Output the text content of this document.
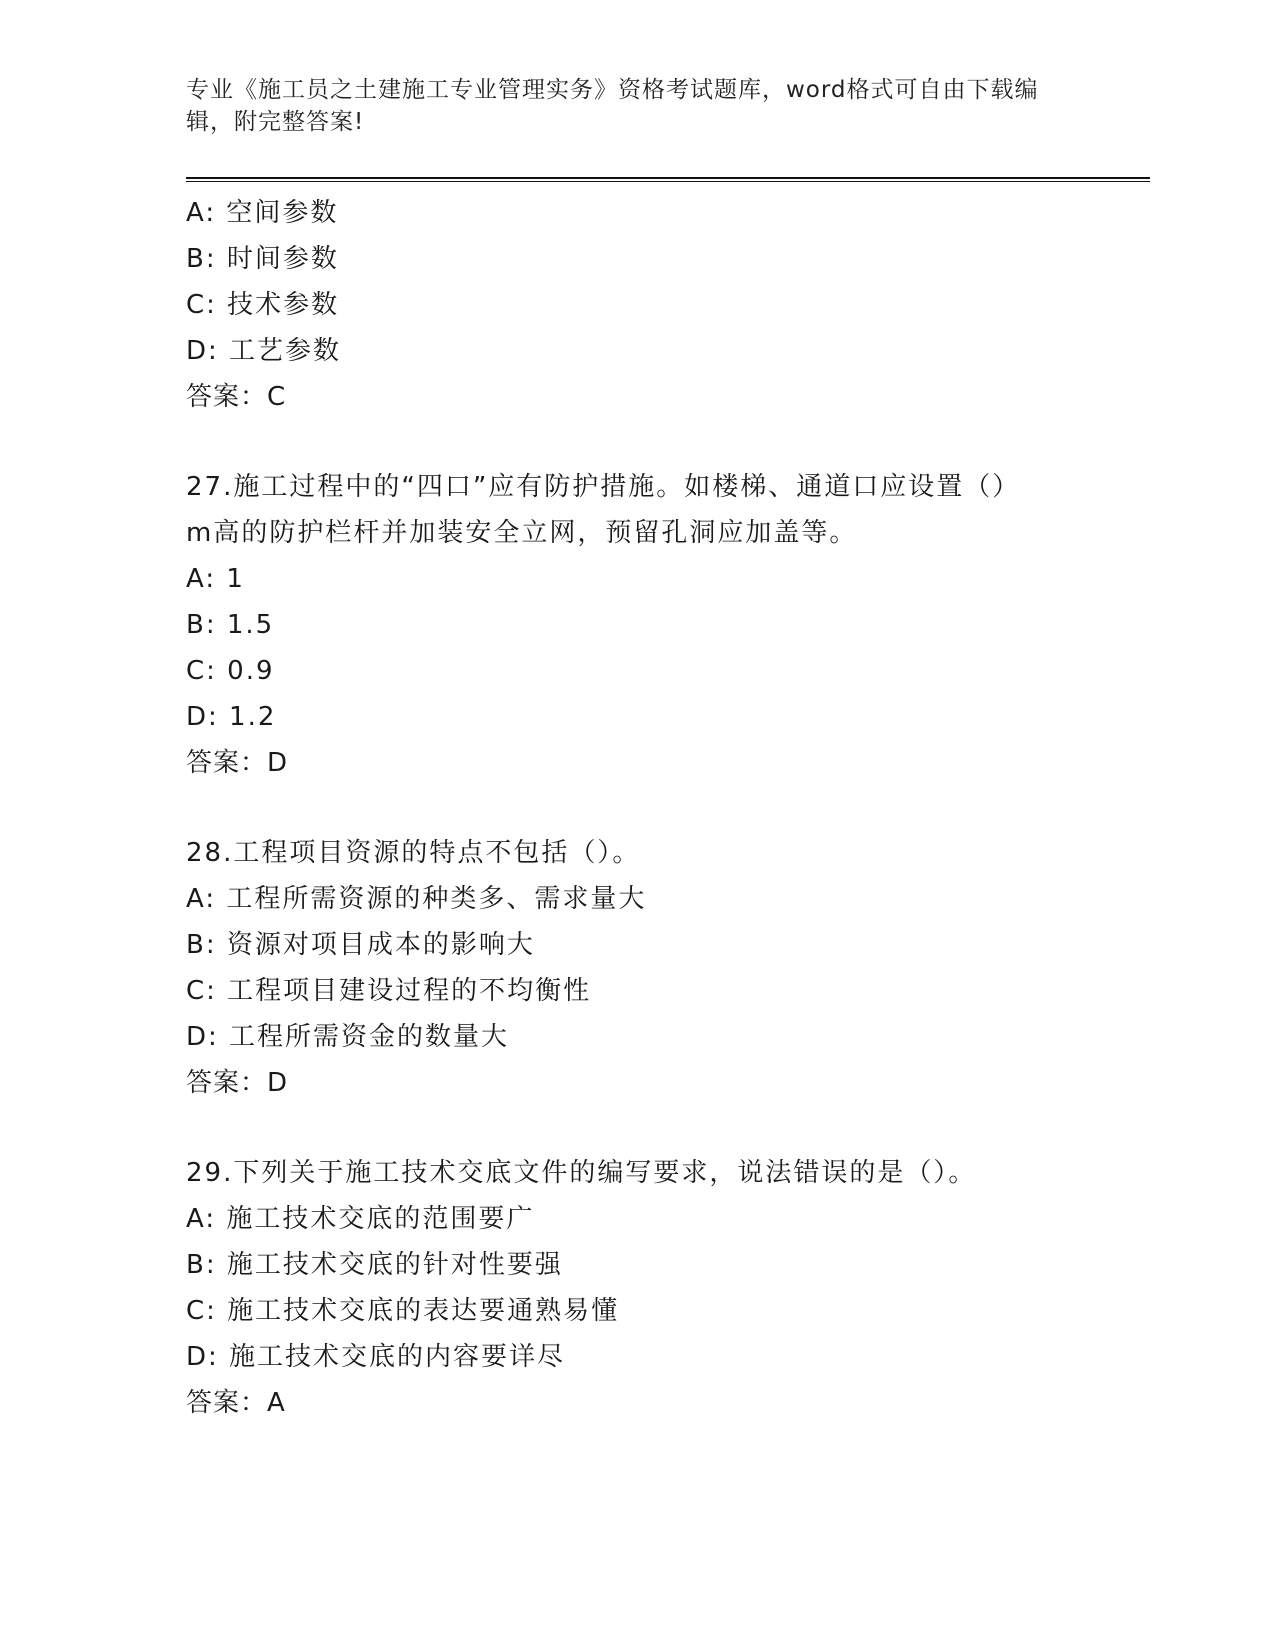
专业《施工员之土建施工专业管理实务》资格考试题库，word格式可自由下载编
辑，附完整答案!
A: 空间参数
B: 时间参数
C: 技术参数
D: 工艺参数
答案：C
27.施工过程中的“四口”应有防护措施。如楼梯、通道口应设置（）
m高的防护栏杆并加装安全立网，预留孔洞应加盖等。
A: 1
B: 1.5
C: 0.9
D: 1.2
答案：D
28.工程项目资源的特点不包括（）。
A: 工程所需资源的种类多、需求量大
B: 资源对项目成本的影响大
C: 工程项目建设过程的不均衡性
D: 工程所需资金的数量大
答案：D
29.下列关于施工技术交底文件的编写要求，说法错误的是（）。
A: 施工技术交底的范围要广
B: 施工技术交底的针对性要强
C: 施工技术交底的表达要通熟易懂
D: 施工技术交底的内容要详尽
答案：A
